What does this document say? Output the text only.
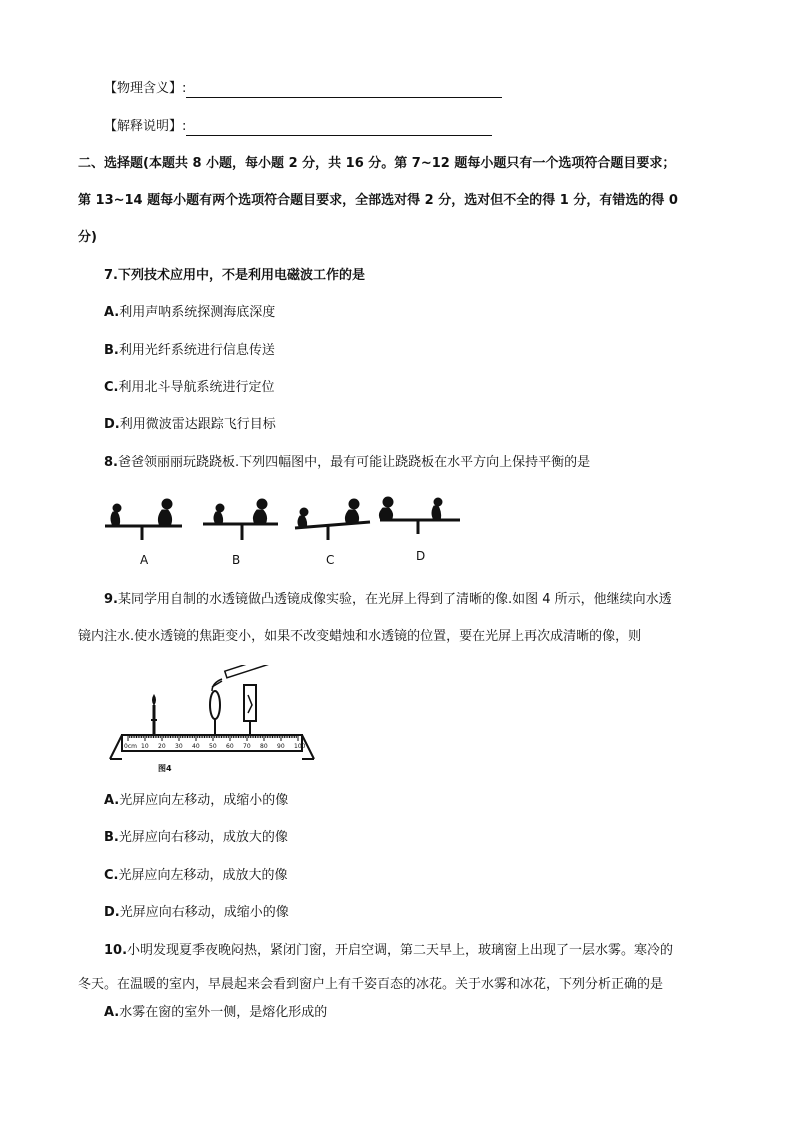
【物理含义】:
【解释说明】:
二、选择题(本题共 8 小题，每小题 2 分，共 16 分。第 7~12 题每小题只有一个选项符合题目要求；
第 13~14 题每小题有两个选项符合题目要求，全部选对得 2 分，选对但不全的得 1 分，有错选的得 0
分)
7.下列技术应用中，不是利用电磁波工作的是
A.利用声呐系统探测海底深度
B.利用光纤系统进行信息传送
C.利用北斗导航系统进行定位
D.利用微波雷达跟踪飞行目标
8.爸爸领丽丽玩跷跷板.下列四幅图中，最有可能让跷跷板在水平方向上保持平衡的是
A	B	C	D
9.某同学用自制的水透镜做凸透镜成像实验，在光屏上得到了清晰的像.如图 4 所示，他继续向水透
镜内注水.使水透镜的焦距变小，如果不改变蜡烛和水透镜的位置，要在光屏上再次成清晰的像，则
0cm 10 20 30 40 50 60 70 80 90 100
图4
A.光屏应向左移动，成缩小的像
B.光屏应向右移动，成放大的像
C.光屏应向左移动，成放大的像
D.光屏应向右移动，成缩小的像
10.小明发现夏季夜晚闷热，紧闭门窗，开启空调，第二天早上，玻璃窗上出现了一层水雾。寒冷的
冬天。在温暖的室内，早晨起来会看到窗户上有千姿百态的冰花。关于水雾和冰花，下列分析正确的是
A.水雾在窗的室外一侧，是熔化形成的
